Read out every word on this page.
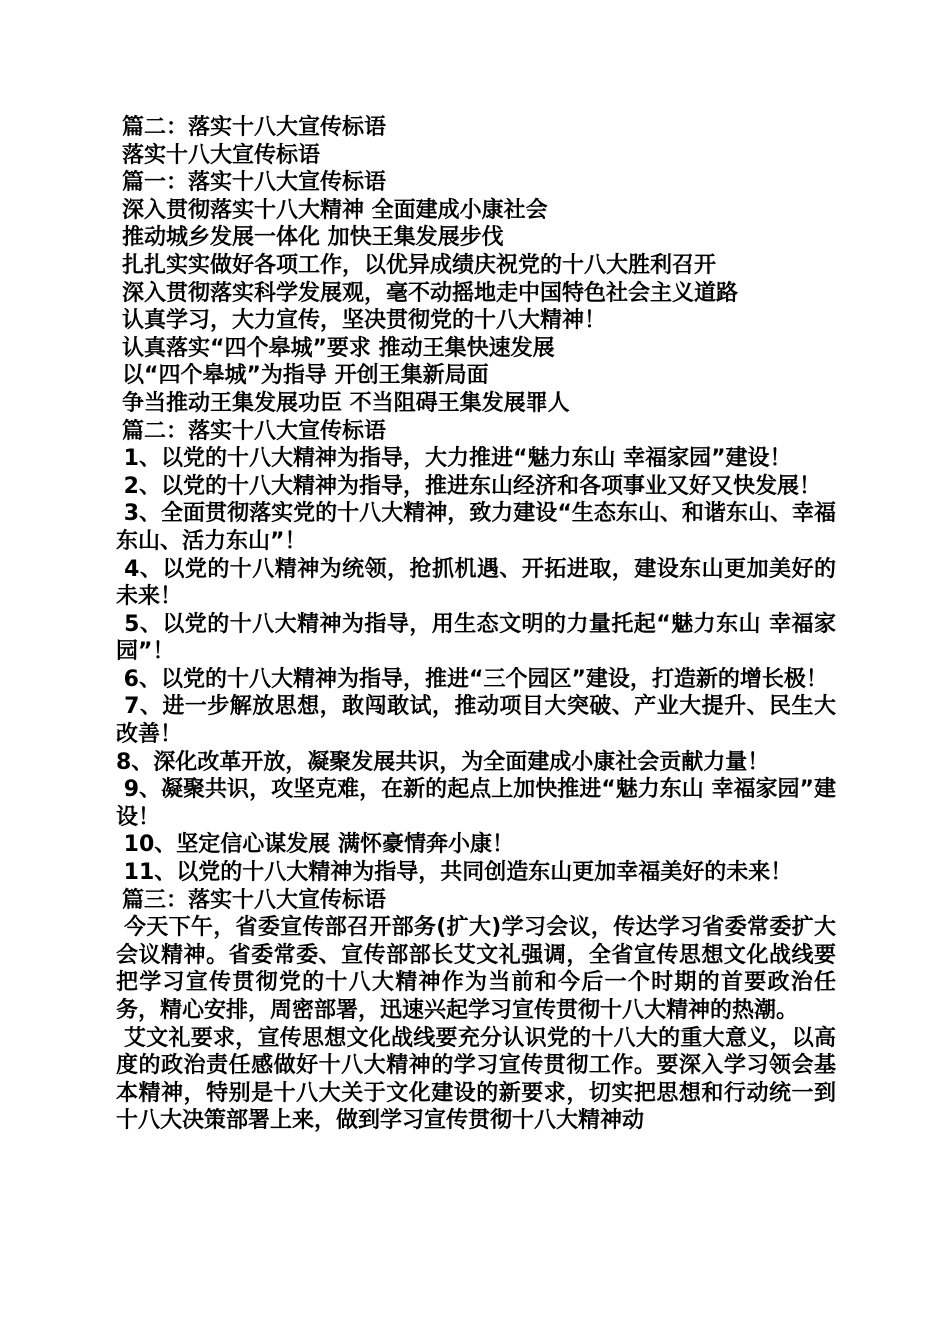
篇二：落实十八大宣传标语
落实十八大宣传标语
篇一：落实十八大宣传标语
深入贯彻落实十八大精神 全面建成小康社会
推动城乡发展一体化 加快王集发展步伐
扎扎实实做好各项工作，以优异成绩庆祝党的十八大胜利召开
深入贯彻落实科学发展观，毫不动摇地走中国特色社会主义道路
认真学习，大力宣传，坚决贯彻党的十八大精神！
认真落实“四个皋城”要求 推动王集快速发展
以“四个皋城”为指导 开创王集新局面
争当推动王集发展功臣 不当阻碍王集发展罪人
篇二：落实十八大宣传标语
1、以党的十八大精神为指导，大力推进“魅力东山 幸福家园”建设！
2、以党的十八大精神为指导，推进东山经济和各项事业又好又快发展！
3、全面贯彻落实党的十八大精神，致力建设“生态东山、和谐东山、幸福东山、活力东山”！
4、以党的十八精神为统领，抢抓机遇、开拓进取，建设东山更加美好的未来！
5、以党的十八大精神为指导，用生态文明的力量托起“魅力东山 幸福家园”！
6、以党的十八大精神为指导，推进“三个园区”建设，打造新的增长极！
7、进一步解放思想，敢闯敢试，推动项目大突破、产业大提升、民生大改善！
8、深化改革开放，凝聚发展共识，为全面建成小康社会贡献力量！
9、凝聚共识，攻坚克难，在新的起点上加快推进“魅力东山 幸福家园”建设！
10、坚定信心谋发展 满怀豪情奔小康！
11、以党的十八大精神为指导，共同创造东山更加幸福美好的未来！
篇三：落实十八大宣传标语
今天下午，省委宣传部召开部务(扩大)学习会议，传达学习省委常委扩大会议精神。省委常委、宣传部部长艾文礼强调，全省宣传思想文化战线要把学习宣传贯彻党的十八大精神作为当前和今后一个时期的首要政治任务，精心安排，周密部署，迅速兴起学习宣传贯彻十八大精神的热潮。
艾文礼要求，宣传思想文化战线要充分认识党的十八大的重大意义，以高度的政治责任感做好十八大精神的学习宣传贯彻工作。要深入学习领会基本精神，特别是十八大关于文化建设的新要求，切实把思想和行动统一到十八大决策部署上来，做到学习宣传贯彻十八大精神动
